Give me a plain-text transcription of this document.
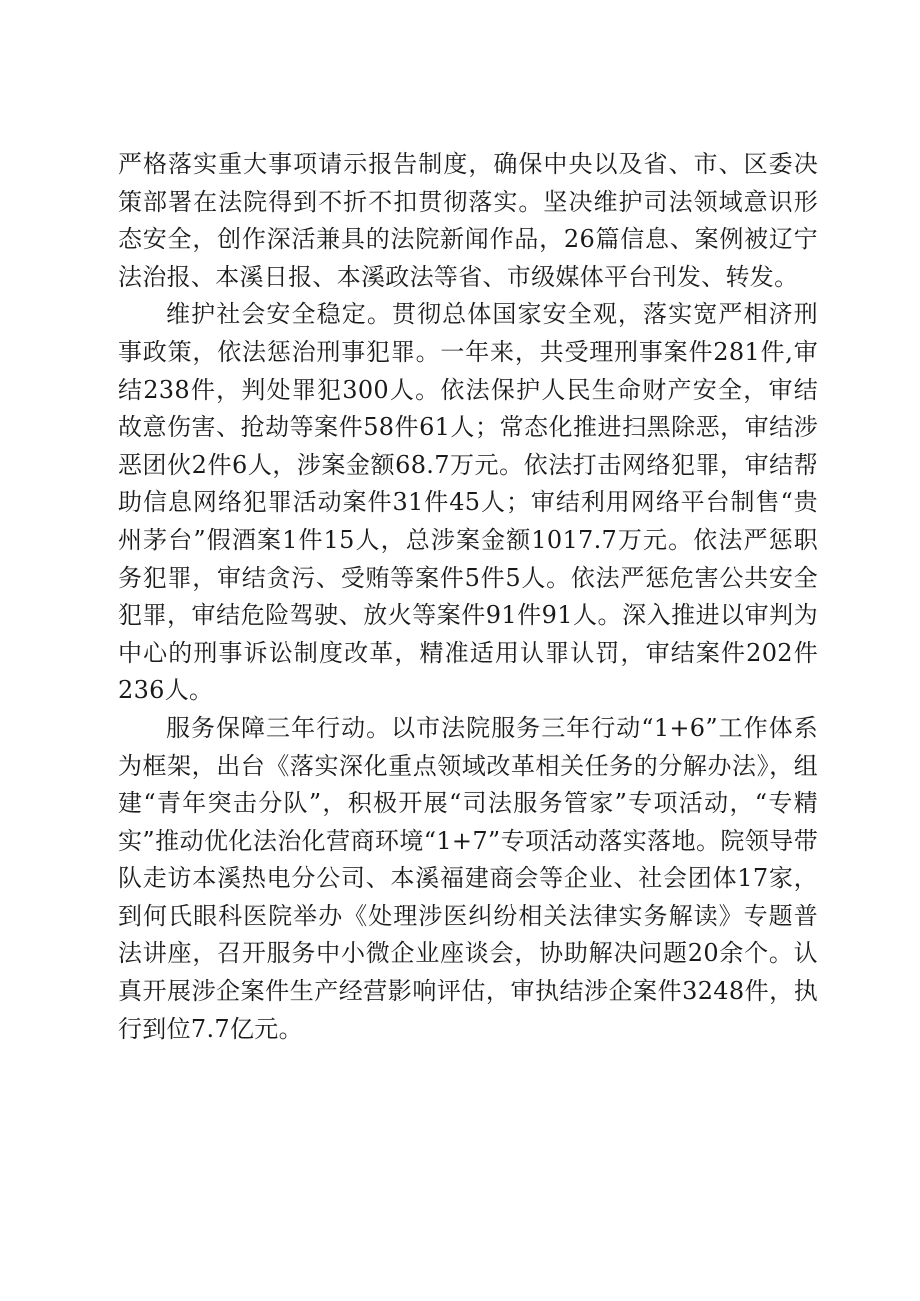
严格落实重大事项请示报告制度，确保中央以及省、市、区委决策部署在法院得到不折不扣贯彻落实。坚决维护司法领域意识形态安全，创作深活兼具的法院新闻作品，26篇信息、案例被辽宁法治报、本溪日报、本溪政法等省、市级媒体平台刊发、转发。

维护社会安全稳定。贯彻总体国家安全观，落实宽严相济刑事政策，依法惩治刑事犯罪。一年来，共受理刑事案件281件,审结238件，判处罪犯300人。依法保护人民生命财产安全，审结故意伤害、抢劫等案件58件61人；常态化推进扫黑除恶，审结涉恶团伙2件6人，涉案金额68.7万元。依法打击网络犯罪，审结帮助信息网络犯罪活动案件31件45人；审结利用网络平台制售“贵州茅台”假酒案1件15人，总涉案金额1017.7万元。依法严惩职务犯罪，审结贪污、受贿等案件5件5人。依法严惩危害公共安全犯罪，审结危险驾驶、放火等案件91件91人。深入推进以审判为中心的刑事诉讼制度改革，精准适用认罪认罚，审结案件202件236人。

服务保障三年行动。以市法院服务三年行动“1+6”工作体系为框架，出台《落实深化重点领域改革相关任务的分解办法》，组建“青年突击分队”，积极开展“司法服务管家”专项活动，“专精实”推动优化法治化营商环境“1+7”专项活动落实落地。院领导带队走访本溪热电分公司、本溪福建商会等企业、社会团体17家，到何氏眼科医院举办《处理涉医纠纷相关法律实务解读》专题普法讲座，召开服务中小微企业座谈会，协助解决问题20余个。认真开展涉企案件生产经营影响评估，审执结涉企案件3248件，执行到位7.7亿元。
